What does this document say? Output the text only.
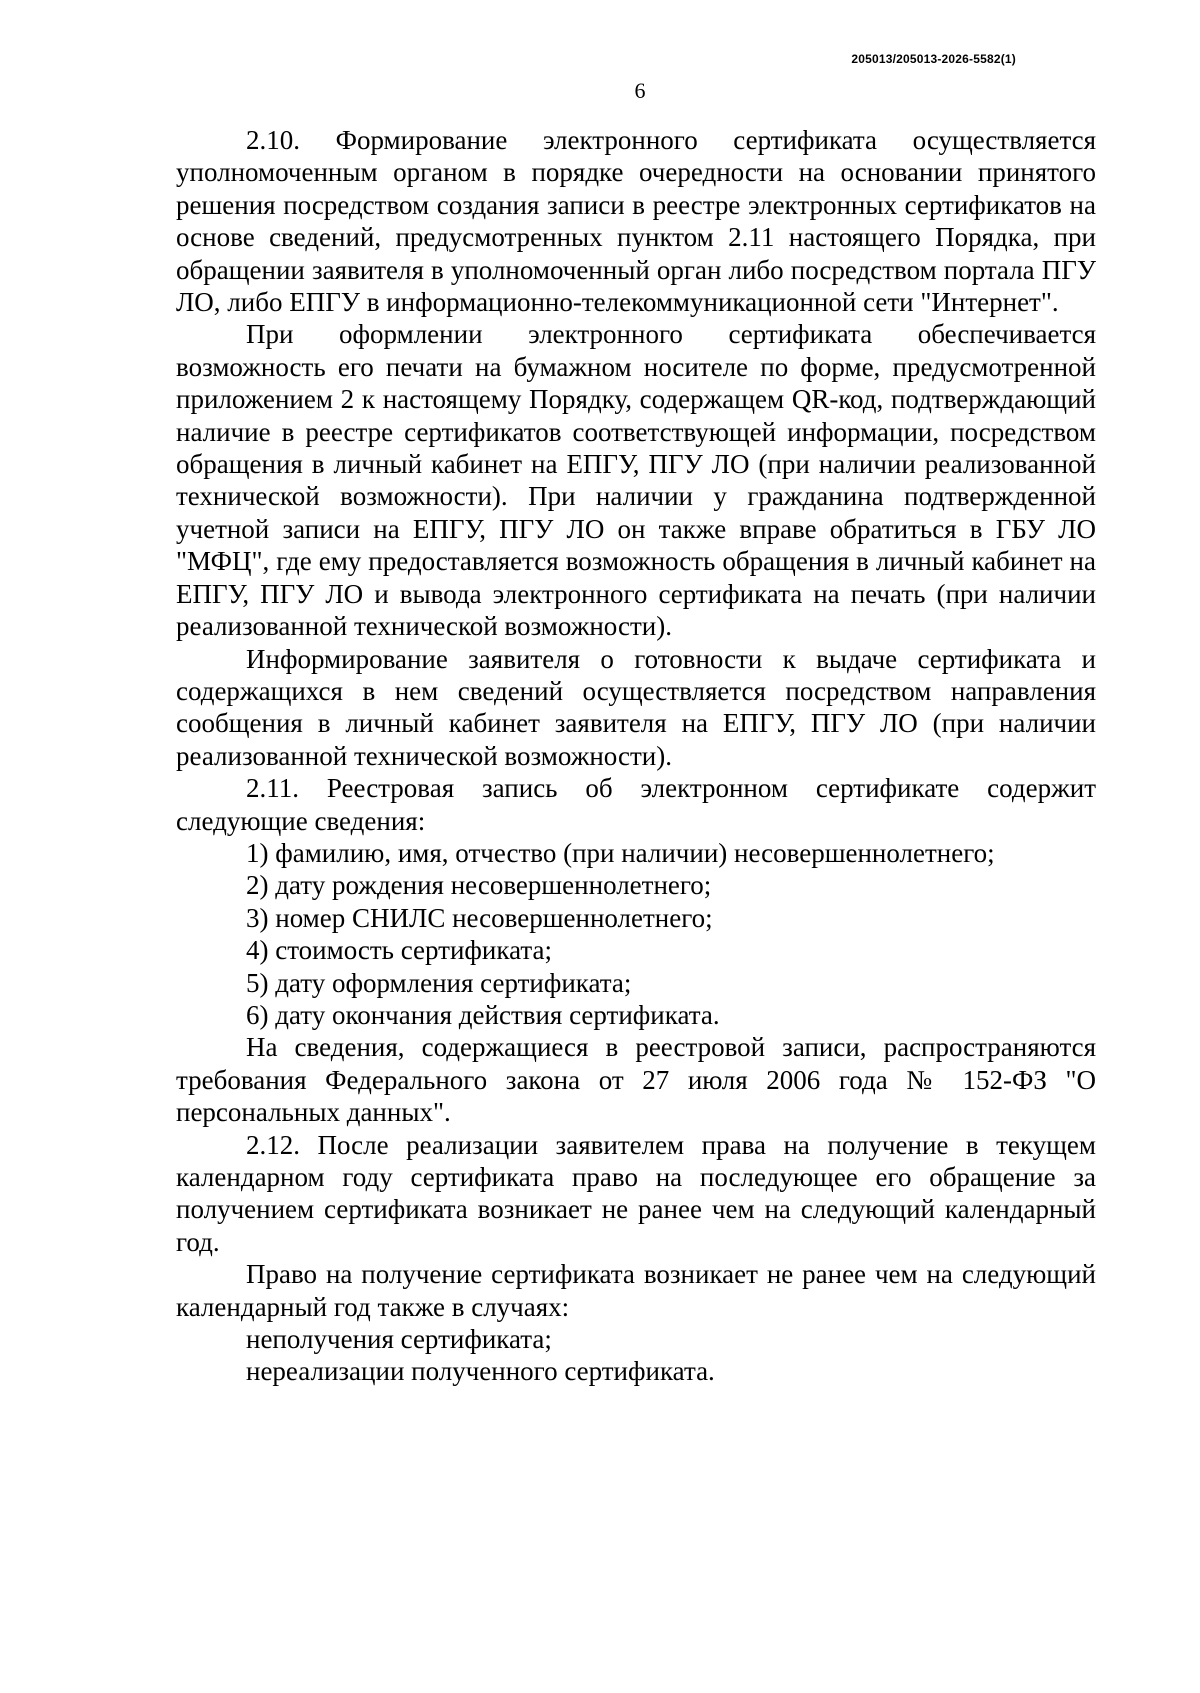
205013/205013-2026-5582(1)
6

2.10. Формирование электронного сертификата осуществляется уполномоченным органом в порядке очередности на основании принятого решения посредством создания записи в реестре электронных сертификатов на основе сведений, предусмотренных пунктом 2.11 настоящего Порядка, при обращении заявителя в уполномоченный орган либо посредством портала ПГУ ЛО, либо ЕПГУ в информационно-телекоммуникационной сети "Интернет".

При оформлении электронного сертификата обеспечивается возможность его печати на бумажном носителе по форме, предусмотренной приложением 2 к настоящему Порядку, содержащем QR-код, подтверждающий наличие в реестре сертификатов соответствующей информации, посредством обращения в личный кабинет на ЕПГУ, ПГУ ЛО (при наличии реализованной технической возможности). При наличии у гражданина подтвержденной учетной записи на ЕПГУ, ПГУ ЛО он также вправе обратиться в ГБУ ЛО "МФЦ", где ему предоставляется возможность обращения в личный кабинет на ЕПГУ, ПГУ ЛО и вывода электронного сертификата на печать (при наличии реализованной технической возможности).

Информирование заявителя о готовности к выдаче сертификата и содержащихся в нем сведений осуществляется посредством направления сообщения в личный кабинет заявителя на ЕПГУ, ПГУ ЛО (при наличии реализованной технической возможности).

2.11. Реестровая запись об электронном сертификате содержит следующие сведения:

1) фамилию, имя, отчество (при наличии) несовершеннолетнего;

2) дату рождения несовершеннолетнего;

3) номер СНИЛС несовершеннолетнего;

4) стоимость сертификата;

5) дату оформления сертификата;

6) дату окончания действия сертификата.

На сведения, содержащиеся в реестровой записи, распространяются требования Федерального закона от 27 июля 2006 года № 152-ФЗ "О персональных данных".

2.12. После реализации заявителем права на получение в текущем календарном году сертификата право на последующее его обращение за получением сертификата возникает не ранее чем на следующий календарный год.

Право на получение сертификата возникает не ранее чем на следующий календарный год также в случаях:

неполучения сертификата;

нереализации полученного сертификата.
